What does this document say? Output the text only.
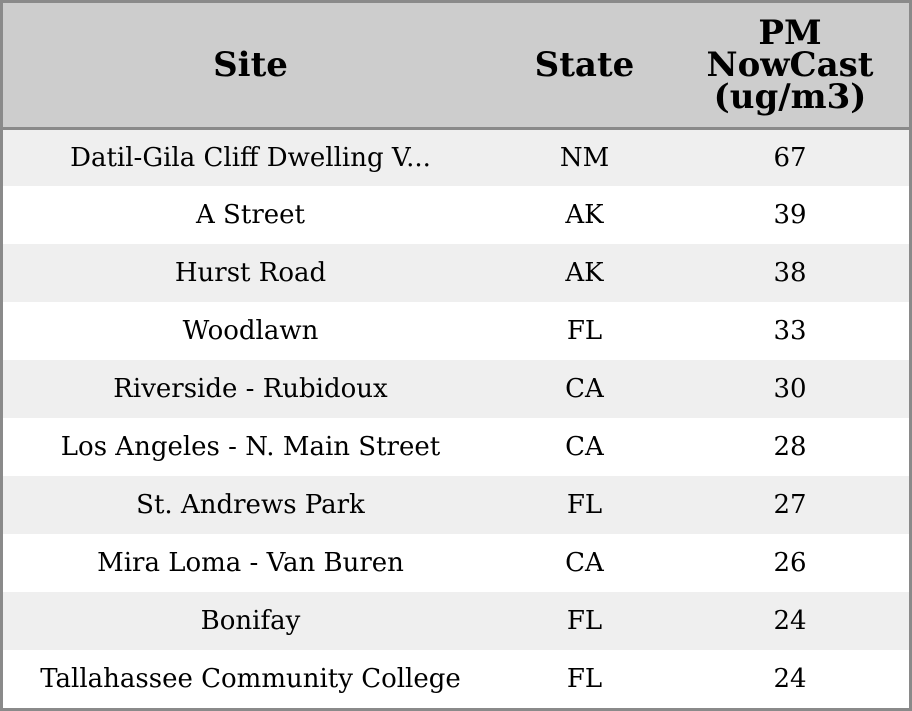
Site	State	PM
NowCast
(ug/m3)

Datil-Gila Cliff Dwelling V...	NM	67
A Street	AK	39
Hurst Road	AK	38
Woodlawn	FL	33
Riverside - Rubidoux	CA	30
Los Angeles - N. Main Street	CA	28
St. Andrews Park	FL	27
Mira Loma - Van Buren	CA	26
Bonifay	FL	24
Tallahassee Community College	FL	24
